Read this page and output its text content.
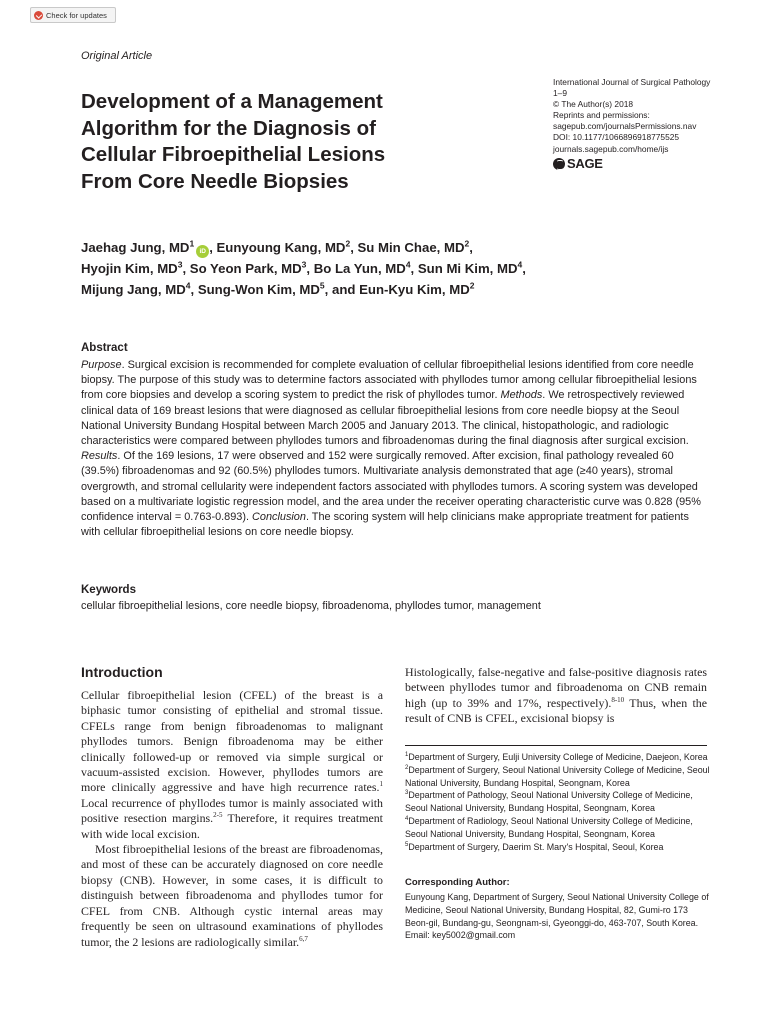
Check for updates
Original Article
Development of a Management
Algorithm for the Diagnosis of
Cellular Fibroepithelial Lesions
From Core Needle Biopsies
International Journal of Surgical Pathology
1–9
© The Author(s) 2018
Reprints and permissions:
sagepub.com/journalsPermissions.nav
DOI: 10.1177/1066896918775525
journals.sagepub.com/home/ijs
SAGE
Jaehag Jung, $MD^1iD$ , Eunyoung Kang, $MD^2$, Su Min Chae, $MD^2$,
Hyojin Kim, $MD^3$, So Yeon Park, $MD^3$, Bo La Yun, $MD^4$, Sun Mi Kim, $MD^4$,
Mijung Jang, $MD^4$, Sung-Won Kim, $MD^5$, and Eun-Kyu Kim, $MD^2$
Abstract
Purpose. Surgical excision is recommended for complete evaluation of cellular fibroepithelial lesions identified from core needle biopsy. The purpose of this study was to determine factors associated with phyllodes tumor among cellular fibroepithelial lesions from core biopsies and develop a scoring system to predict the risk of phyllodes tumor. Methods. We retrospectively reviewed clinical data of 169 breast lesions that were diagnosed as cellular fibroepithelial lesions from core needle biopsy at the Seoul National University Bundang Hospital between March 2005 and January 2013. The clinical, histopathologic, and radiologic characteristics were compared between phyllodes tumors and fibroadenomas during the final diagnosis after surgical excision. Results. Of the 169 lesions, 17 were observed and 152 were surgically removed. After excision, final pathology revealed 60 (39.5%) fibroadenomas and 92 (60.5%) phyllodes tumors. Multivariate analysis demonstrated that age (≥40 years), stromal overgrowth, and stromal cellularity were independent factors associated with phyllodes tumors. A scoring system was developed based on a multivariate logistic regression model, and the area under the receiver operating characteristic curve was 0.828 (95% confidence interval = 0.763-0.893). Conclusion. The scoring system will help clinicians make appropriate treatment for patients with cellular fibroepithelial lesions on core needle biopsy.
Keywords
cellular fibroepithelial lesions, core needle biopsy, fibroadenoma, phyllodes tumor, management
Introduction

Cellular fibroepithelial lesion (CFEL) of the breast is a biphasic tumor consisting of epithelial and stromal tissue. CFELs range from benign fibroadenomas to malignant phyllodes tumors. Benign fibroadenoma may be either clinically followed-up or removed via simple surgical or vacuum-assisted excision. However, phyllodes tumors are more clinically aggressive and have high recurrence rates.$^1$ Local recurrence of phyllodes tumor is mainly associated with positive resection margins.$^{2-5}$ Therefore, it requires treatment with wide local excision.

Most fibroepithelial lesions of the breast are fibroadenomas, and most of these can be accurately diagnosed on core needle biopsy (CNB). However, in some cases, it is difficult to distinguish between fibroadenoma and phyllodes tumor for CFEL from CNB. Although cystic internal areas may frequently be seen on ultrasound examinations of phyllodes tumor, the 2 lesions are radiologically similar.$^{6,7}$

Histologically, false-negative and false-positive diagnosis rates between phyllodes tumor and fibroadenoma on CNB remain high (up to 39% and 17%, respectively).$^{8-10}$ Thus, when the result of CNB is CFEL, excisional biopsy is

$^1$Department of Surgery, Eulji University College of Medicine, Daejeon, Korea
$^2$Department of Surgery, Seoul National University College of Medicine, Seoul National University, Bundang Hospital, Seongnam, Korea
$^3$Department of Pathology, Seoul National University College of Medicine, Seoul National University, Bundang Hospital, Seongnam, Korea
$^4$Department of Radiology, Seoul National University College of Medicine, Seoul National University, Bundang Hospital, Seongnam, Korea
$^5$Department of Surgery, Daerim St. Mary's Hospital, Seoul, Korea
Corresponding Author:
Eunyoung Kang, Department of Surgery, Seoul National University College of Medicine, Seoul National University, Bundang Hospital, 82, Gumi-ro 173 Beon-gil, Bundang-gu, Seongnam-si, Gyeonggi-do, 463-707, South Korea.
Email: key5002@gmail.com
